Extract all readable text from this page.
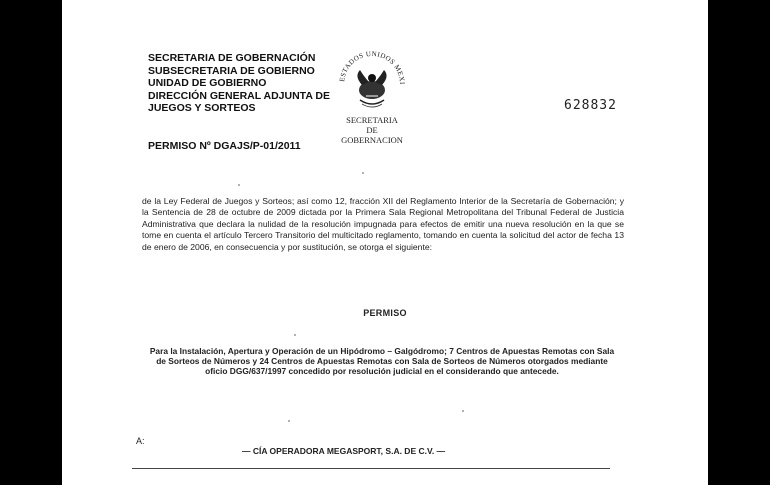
SECRETARIA DE GOBERNACIÓN
SUBSECRETARIA DE GOBIERNO
UNIDAD DE GOBIERNO
DIRECCIÓN GENERAL ADJUNTA DE
JUEGOS Y SORTEOS
ESTADOS UNIDOS MEXI
SECRETARIA
DE
GOBERNACION
628832
PERMISO Nº DGAJS/P-01/2011

de la Ley Federal de Juegos y Sorteos; así como 12, fracción XII del Reglamento Interior de la Secretaría de Gobernación; y la Sentencia de 28 de octubre de 2009 dictada por la Primera Sala Regional Metropolitana del Tribunal Federal de Justicia Administrativa que declara la nulidad de la resolución impugnada para efectos de emitir una nueva resolución en la que se tome en cuenta el artículo Tercero Transitorio del multicitado reglamento, tomando en cuenta la solicitud del actor de fecha 13 de enero de 2006, en consecuencia y por sustitución, se otorga el siguiente:

PERMISO
Para la Instalación, Apertura y Operación de un Hipódromo – Galgódromo; 7 Centros de Apuestas Remotas con Sala de Sorteos de Números y 24 Centros de Apuestas Remotas con Sala de Sorteos de Números otorgados mediante oficio DGG/637/1997 concedido por resolución judicial en el considerando que antecede.
A:
— CÍA OPERADORA MEGASPORT, S.A. DE C.V. —
